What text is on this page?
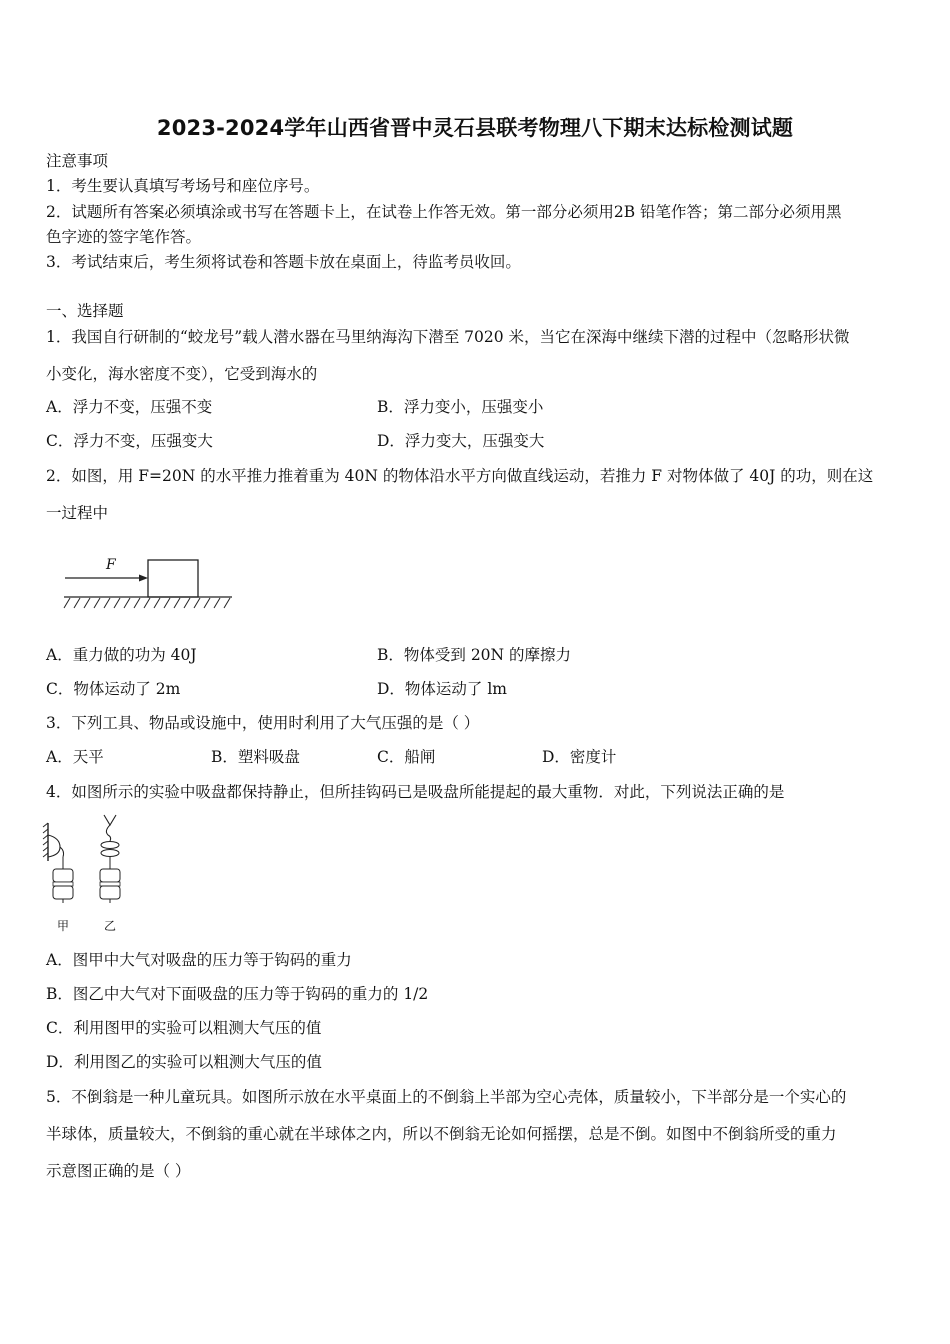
2023-2024学年山西省晋中灵石县联考物理八下期末达标检测试题
注意事项
1．考生要认真填写考场号和座位序号。
2．试题所有答案必须填涂或书写在答题卡上，在试卷上作答无效。第一部分必须用2B 铅笔作答；第二部分必须用黑
色字迹的签字笔作答。
3．考试结束后，考生须将试卷和答题卡放在桌面上，待监考员收回。
一、选择题
1．我国自行研制的“蛟龙号”载人潜水器在马里纳海沟下潜至 7020 米，当它在深海中继续下潜的过程中（忽略形状微
小变化，海水密度不变），它受到海水的
A．浮力不变，压强不变	B．浮力变小，压强变小
C．浮力不变，压强变大	D．浮力变大，压强变大
2．如图，用 F=20N 的水平推力推着重为 40N 的物体沿水平方向做直线运动，若推力 F 对物体做了 40J 的功，则在这
一过程中
F
A．重力做的功为 40J	B．物体受到 20N 的摩擦力
C．物体运动了 2m	D．物体运动了 lm
3．下列工具、物品或设施中，使用时利用了大气压强的是（ ）
A．天平	B．塑料吸盘	C．船闸	D．密度计
4．如图所示的实验中吸盘都保持静止，但所挂钩码已是吸盘所能提起的最大重物．对此，下列说法正确的是
甲	乙
A．图甲中大气对吸盘的压力等于钩码的重力
B．图乙中大气对下面吸盘的压力等于钩码的重力的 1/2
C．利用图甲的实验可以粗测大气压的值
D．利用图乙的实验可以粗测大气压的值
5．不倒翁是一种儿童玩具。如图所示放在水平桌面上的不倒翁上半部为空心壳体，质量较小，下半部分是一个实心的
半球体，质量较大，不倒翁的重心就在半球体之内，所以不倒翁无论如何摇摆，总是不倒。如图中不倒翁所受的重力
示意图正确的是（ ）
